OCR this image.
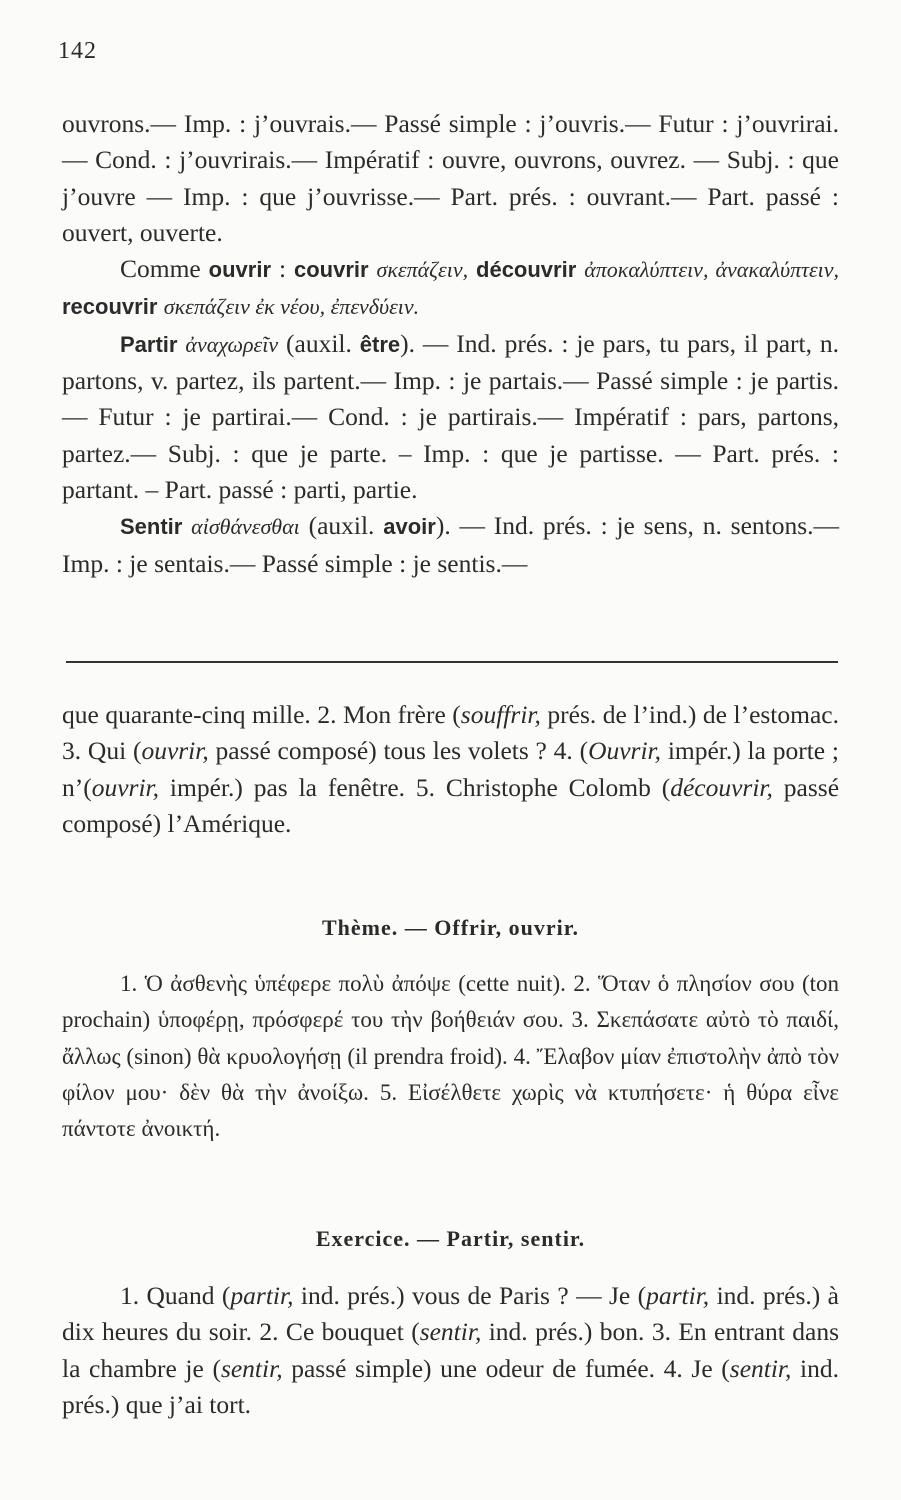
142

ouvrons.— Imp. : j’ouvrais.— Passé simple : j’ouvris.— Futur : j’ouvrirai.— Cond. : j’ouvrirais.— Impératif : ouvre, ouvrons, ouvrez. — Subj. : que j’ouvre — Imp. : que j’ouvrisse.— Part. prés. : ouvrant.— Part. passé : ouvert, ouverte.

Comme ouvrir : couvrir σκεπάζειν, découvrir ἀποκαλύπτειν, ἀνακαλύπτειν, recouvrir σκεπάζειν ἐκ νέου, ἐπενδύειν.

Partir ἀναχωρεῖν (auxil. être). — Ind. prés. : je pars, tu pars, il part, n. partons, v. partez, ils partent.— Imp. : je partais.— Passé simple : je partis.— Futur : je partirai.— Cond. : je partirais.— Impératif : pars, partons, partez.— Subj. : que je parte. – Imp. : que je partisse. — Part. prés. : partant. – Part. passé : parti, partie.

Sentir αἰσθάνεσθαι (auxil. avoir). — Ind. prés. : je sens, n. sentons.— Imp. : je sentais.— Passé simple : je sentis.—

que quarante-cinq mille. 2. Mon frère (souffrir, prés. de l’ind.) de l’estomac. 3. Qui (ouvrir, passé composé) tous les volets ? 4. (Ouvrir, impér.) la porte ; n’(ouvrir, impér.) pas la fenêtre. 5. Christophe Colomb (découvrir, passé composé) l’Amérique.

Thème. — Offrir, ouvrir.

1. Ὁ ἀσθενὴς ὑπέφερε πολὺ ἀπόψε (cette nuit). 2. Ὅταν ὁ πλησίον σου (ton prochain) ὑποφέρῃ, πρόσφερέ του τὴν βοήθειάν σου. 3. Σκεπάσατε αὐτὸ τὸ παιδί, ἄλλως (sinon) θὰ κρυολογήσῃ (il prendra froid). 4. Ἔλαβον μίαν ἐπιστολὴν ἀπὸ τὸν φίλον μου· δὲν θὰ τὴν ἀνοίξω. 5. Εἰσέλθετε χωρὶς νὰ κτυπήσετε· ἡ θύρα εἶνε πάντοτε ἀνοικτή.

Exercice. — Partir, sentir.

1. Quand (partir, ind. prés.) vous de Paris ? — Je (partir, ind. prés.) à dix heures du soir. 2. Ce bouquet (sentir, ind. prés.) bon. 3. En entrant dans la chambre je (sentir, passé simple) une odeur de fumée. 4. Je (sentir, ind. prés.) que j’ai tort.
